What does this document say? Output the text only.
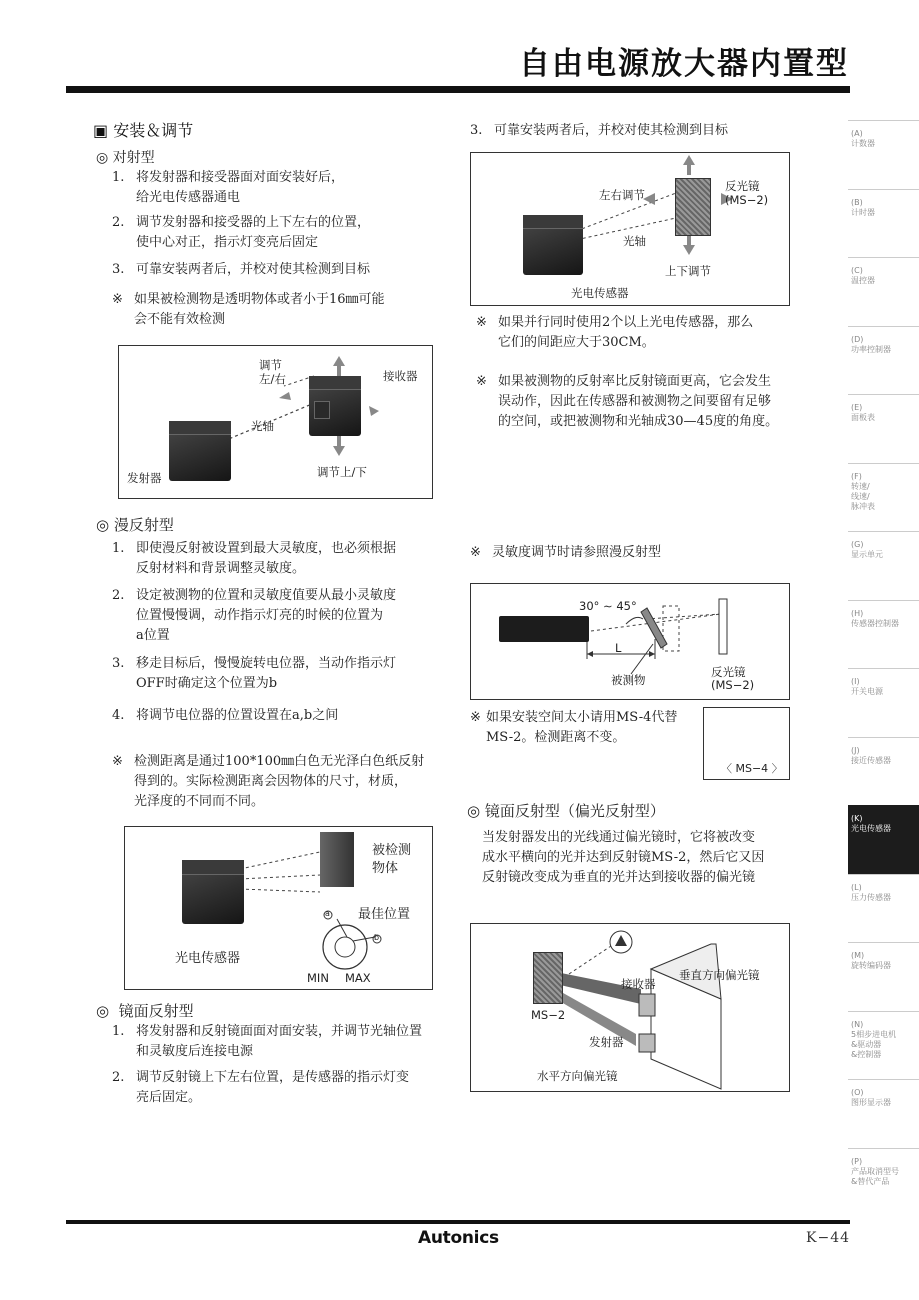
自由电源放大器内置型
▣ 安装＆调节
◎ 对射型
1. 将发射器和接受器面对面安装好后，
给光电传感器通电
2. 调节发射器和接受器的上下左右的位置，
使中心对正，指示灯变亮后固定
3. 可靠安装两者后，并校对使其检测到目标
※ 如果被检测物是透明物体或者小于16㎜可能
会不能有效检测
调节
左/右	接收器
光轴
发射器	调节上/下
◎ 漫反射型
1. 即使漫反射被设置到最大灵敏度，也必须根据
反射材料和背景调整灵敏度。
2. 设定被测物的位置和灵敏度值要从最小灵敏度
位置慢慢调，动作指示灯亮的时候的位置为
a位置
3. 移走目标后，慢慢旋转电位器，当动作指示灯
OFF时确定这个位置为b
4. 将调节电位器的位置设置在a,b之间
※ 检测距离是通过100*100㎜白色无光泽白色纸反射
得到的。实际检测距离会因物体的尺寸，材质，
光泽度的不同而不同。
被检测
物体
最佳位置
光电传感器
MIN MAX
a
b
◎  镜面反射型
1. 将发射器和反射镜面面对面安装，并调节光轴位置
和灵敏度后连接电源
2. 调节反射镜上下左右位置，是传感器的指示灯变
亮后固定。
3. 可靠安装两者后，并校对使其检测到目标
左右调节
反光镜
(MS−2)
光轴
上下调节
光电传感器
※ 如果并行同时使用2个以上光电传感器，那么
它们的间距应大于30CM。
※ 如果被测物的反射率比反射镜面更高，它会发生
误动作，因此在传感器和被测物之间要留有足够
的空间，或把被测物和光轴成30—45度的角度。
※ 灵敏度调节时请参照漫反射型
30° ∼ 45°
L
被测物
反光镜
(MS−2)
※ 如果安装空间太小请用MS-4代替
MS-2。检测距离不变。
〈 MS−4 〉
◎ 镜面反射型（偏光反射型）
当发射器发出的光线通过偏光镜时，它将被改变
成水平横向的光并达到反射镜MS-2，然后它又因
反射镜改变成为垂直的光并达到接收器的偏光镜
接收器
垂直方向偏光镜
MS−2
发射器
水平方向偏光镜
(A)
计数器
(B)
计时器
(C)
温控器
(D)
功率控制器
(E)
面板表
(F)
转速/
线速/
脉冲表
(G)
显示单元
(H)
传感器控制器
(I)
开关电源
(J)
接近传感器
(K)
光电传感器
(L)
压力传感器
(M)
旋转编码器
(N)
5相步进电机
&驱动器
&控制器
(O)
图形显示器
(P)
产品取消型号
&替代产品
Autonics	K−44
